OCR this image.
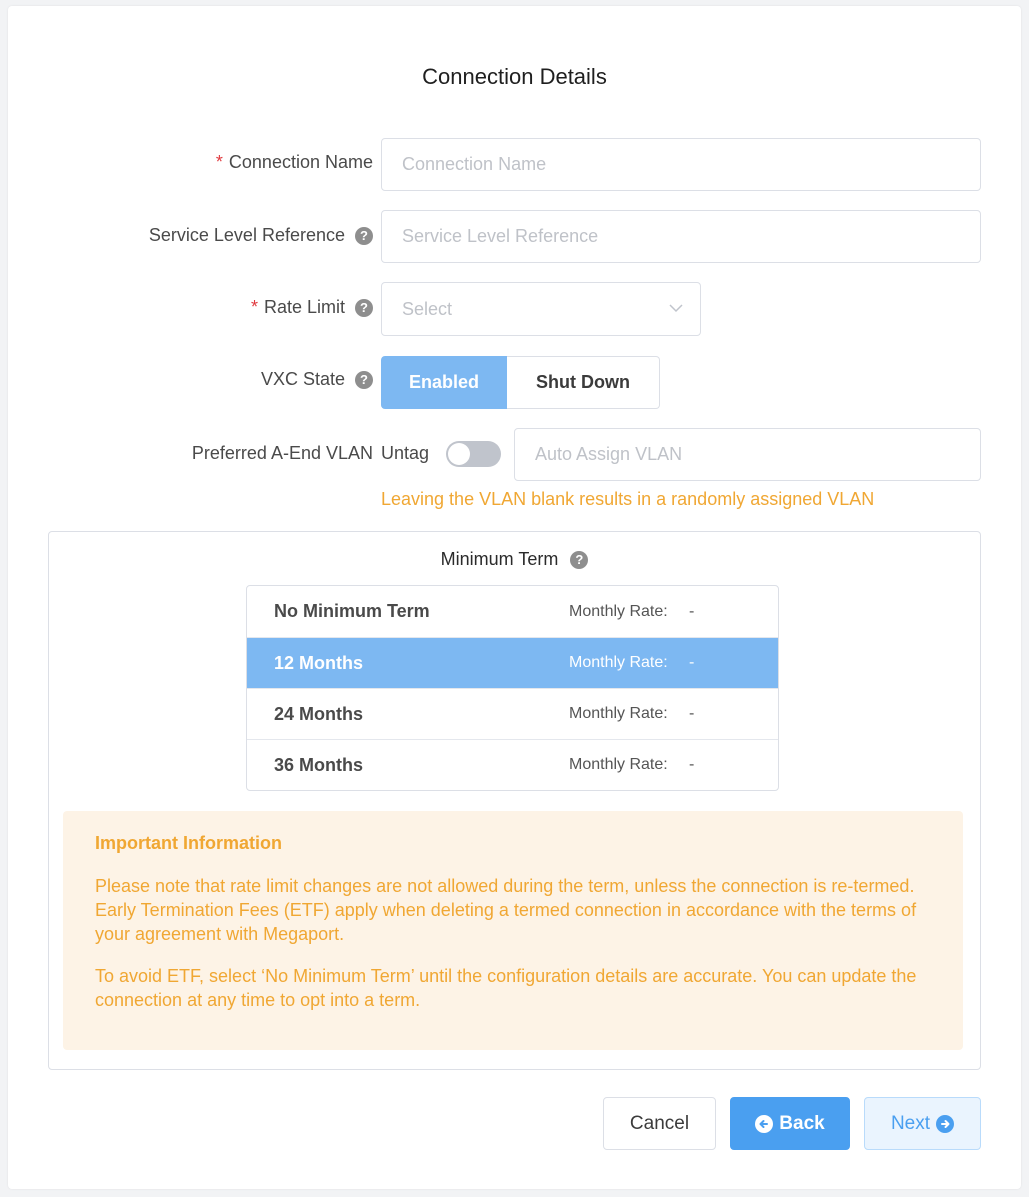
Connection Details
* Connection Name Connection Name
Service Level Reference	? Service Level Reference
* Rate Limit	? Select
VXC State	?	Enabled	Shut Down
Preferred A-End VLAN Untag	Auto Assign VLAN
Leaving the VLAN blank results in a randomly assigned VLAN
Minimum Term	?
No Minimum Term	Monthly Rate: -
12 Months	Monthly Rate: -
24 Months	Monthly Rate: -
36 Months	Monthly Rate: -
Important Information

Please note that rate limit changes are not allowed during the term, unless the connection is re-termed. Early Termination Fees (ETF) apply when deleting a termed connection in accordance with the terms of your agreement with Megaport.

To avoid ETF, select ‘No Minimum Term’ until the configuration details are accurate. You can update the connection at any time to opt into a term.

Cancel	Back	Next
